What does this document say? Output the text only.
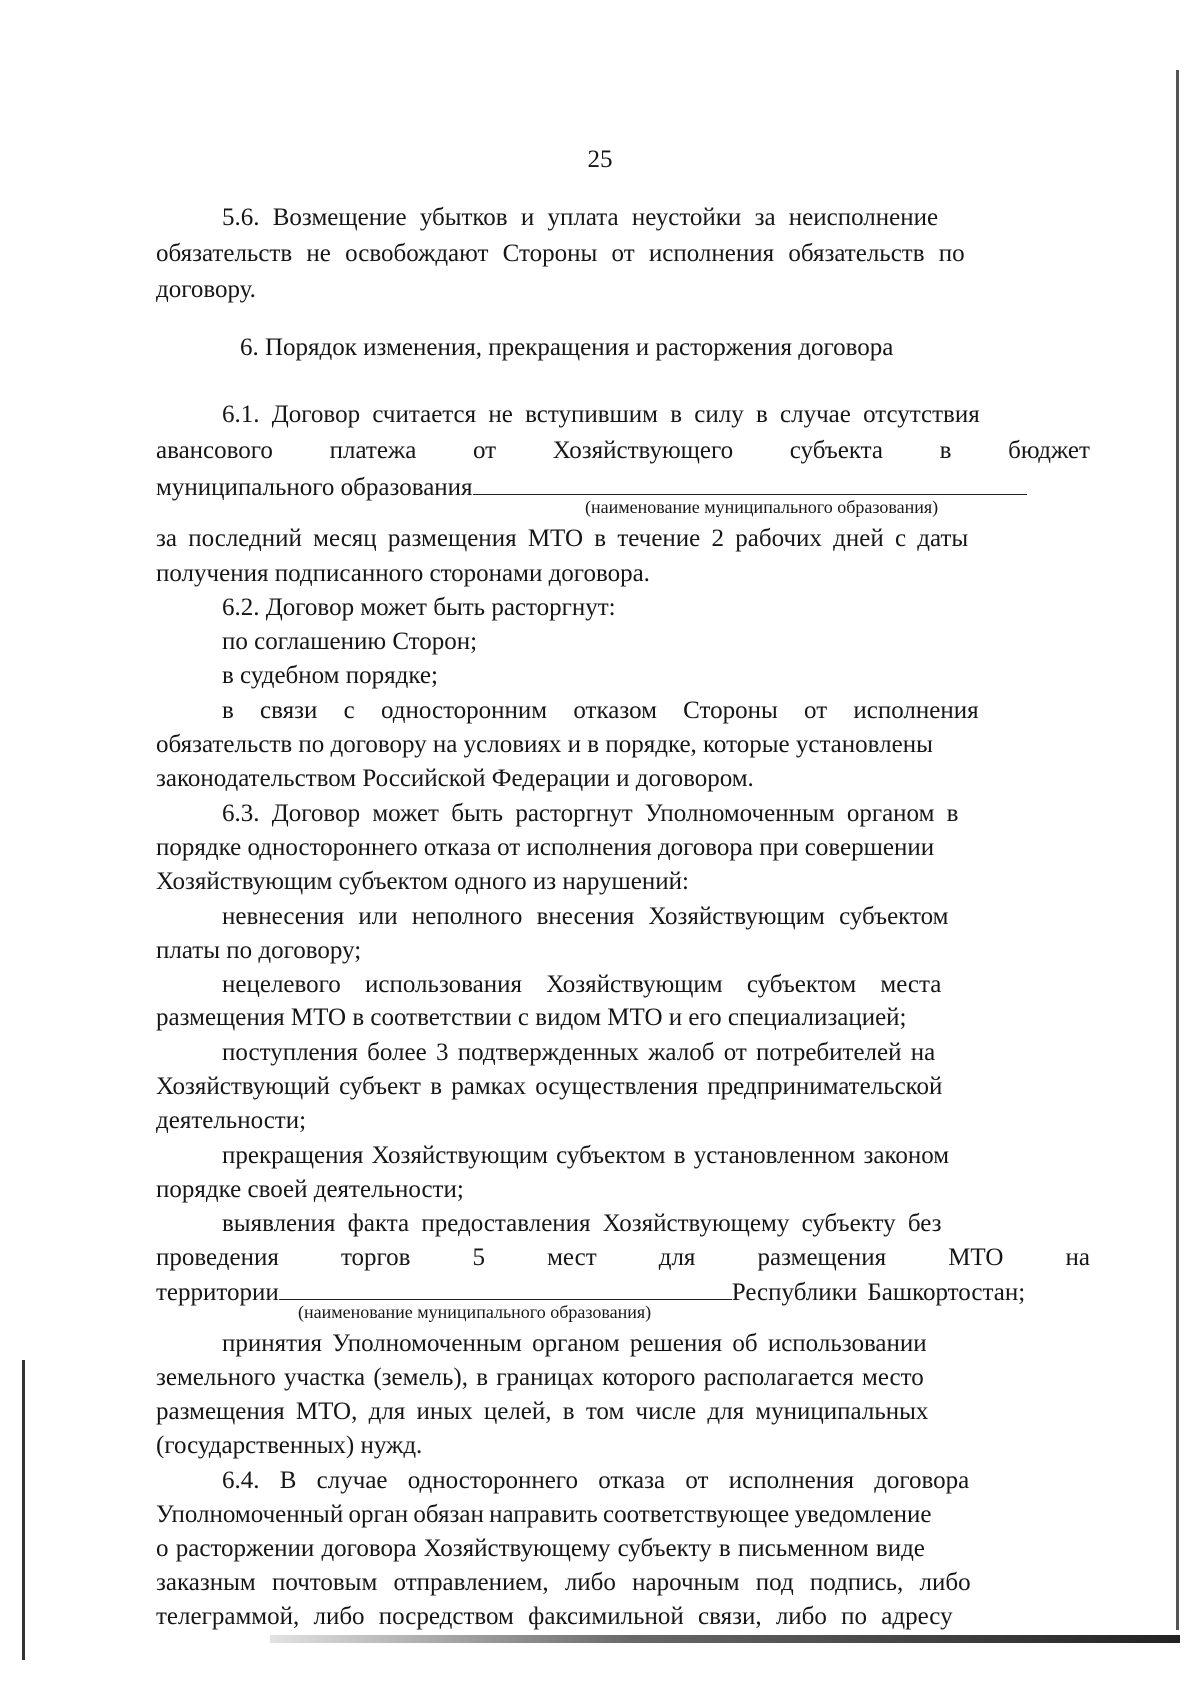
25
5.6. Возмещение убытков и уплата неустойки за неисполнение
обязательств не освобождают Стороны от исполнения обязательств по
договору.
6. Порядок изменения, прекращения и расторжения договора
6.1. Договор считается не вступившим в силу в случае отсутствия
авансового платежа от Хозяйствующего субъекта в бюджет
муниципального образования
(наименование муниципального образования)
за последний месяц размещения МТО в течение 2 рабочих дней с даты
получения подписанного сторонами договора.
6.2. Договор может быть расторгнут:
по соглашению Сторон;
в судебном порядке;
в связи с односторонним отказом Стороны от исполнения
обязательств по договору на условиях и в порядке, которые установлены
законодательством Российской Федерации и договором.
6.3. Договор может быть расторгнут Уполномоченным органом в
порядке одностороннего отказа от исполнения договора при совершении
Хозяйствующим субъектом одного из нарушений:
невнесения или неполного внесения Хозяйствующим субъектом
платы по договору;
нецелевого использования Хозяйствующим субъектом места
размещения МТО в соответствии с видом МТО и его специализацией;
поступления более 3 подтвержденных жалоб от потребителей на
Хозяйствующий субъект в рамках осуществления предпринимательской
деятельности;
прекращения Хозяйствующим субъектом в установленном законом
порядке своей деятельности;
выявления факта предоставления Хозяйствующему субъекту без
проведения торгов 5 мест для размещения МТО на
территории	Республики Башкортостан;
(наименование муниципального образования)
принятия Уполномоченным органом решения об использовании
земельного участка (земель), в границах которого располагается место
размещения МТО, для иных целей, в том числе для муниципальных
(государственных) нужд.
6.4. В случае одностороннего отказа от исполнения договора
Уполномоченный орган обязан направить соответствующее уведомление
о расторжении договора Хозяйствующему субъекту в письменном виде
заказным почтовым отправлением, либо нарочным под подпись, либо
телеграммой, либо посредством факсимильной связи, либо по адресу
